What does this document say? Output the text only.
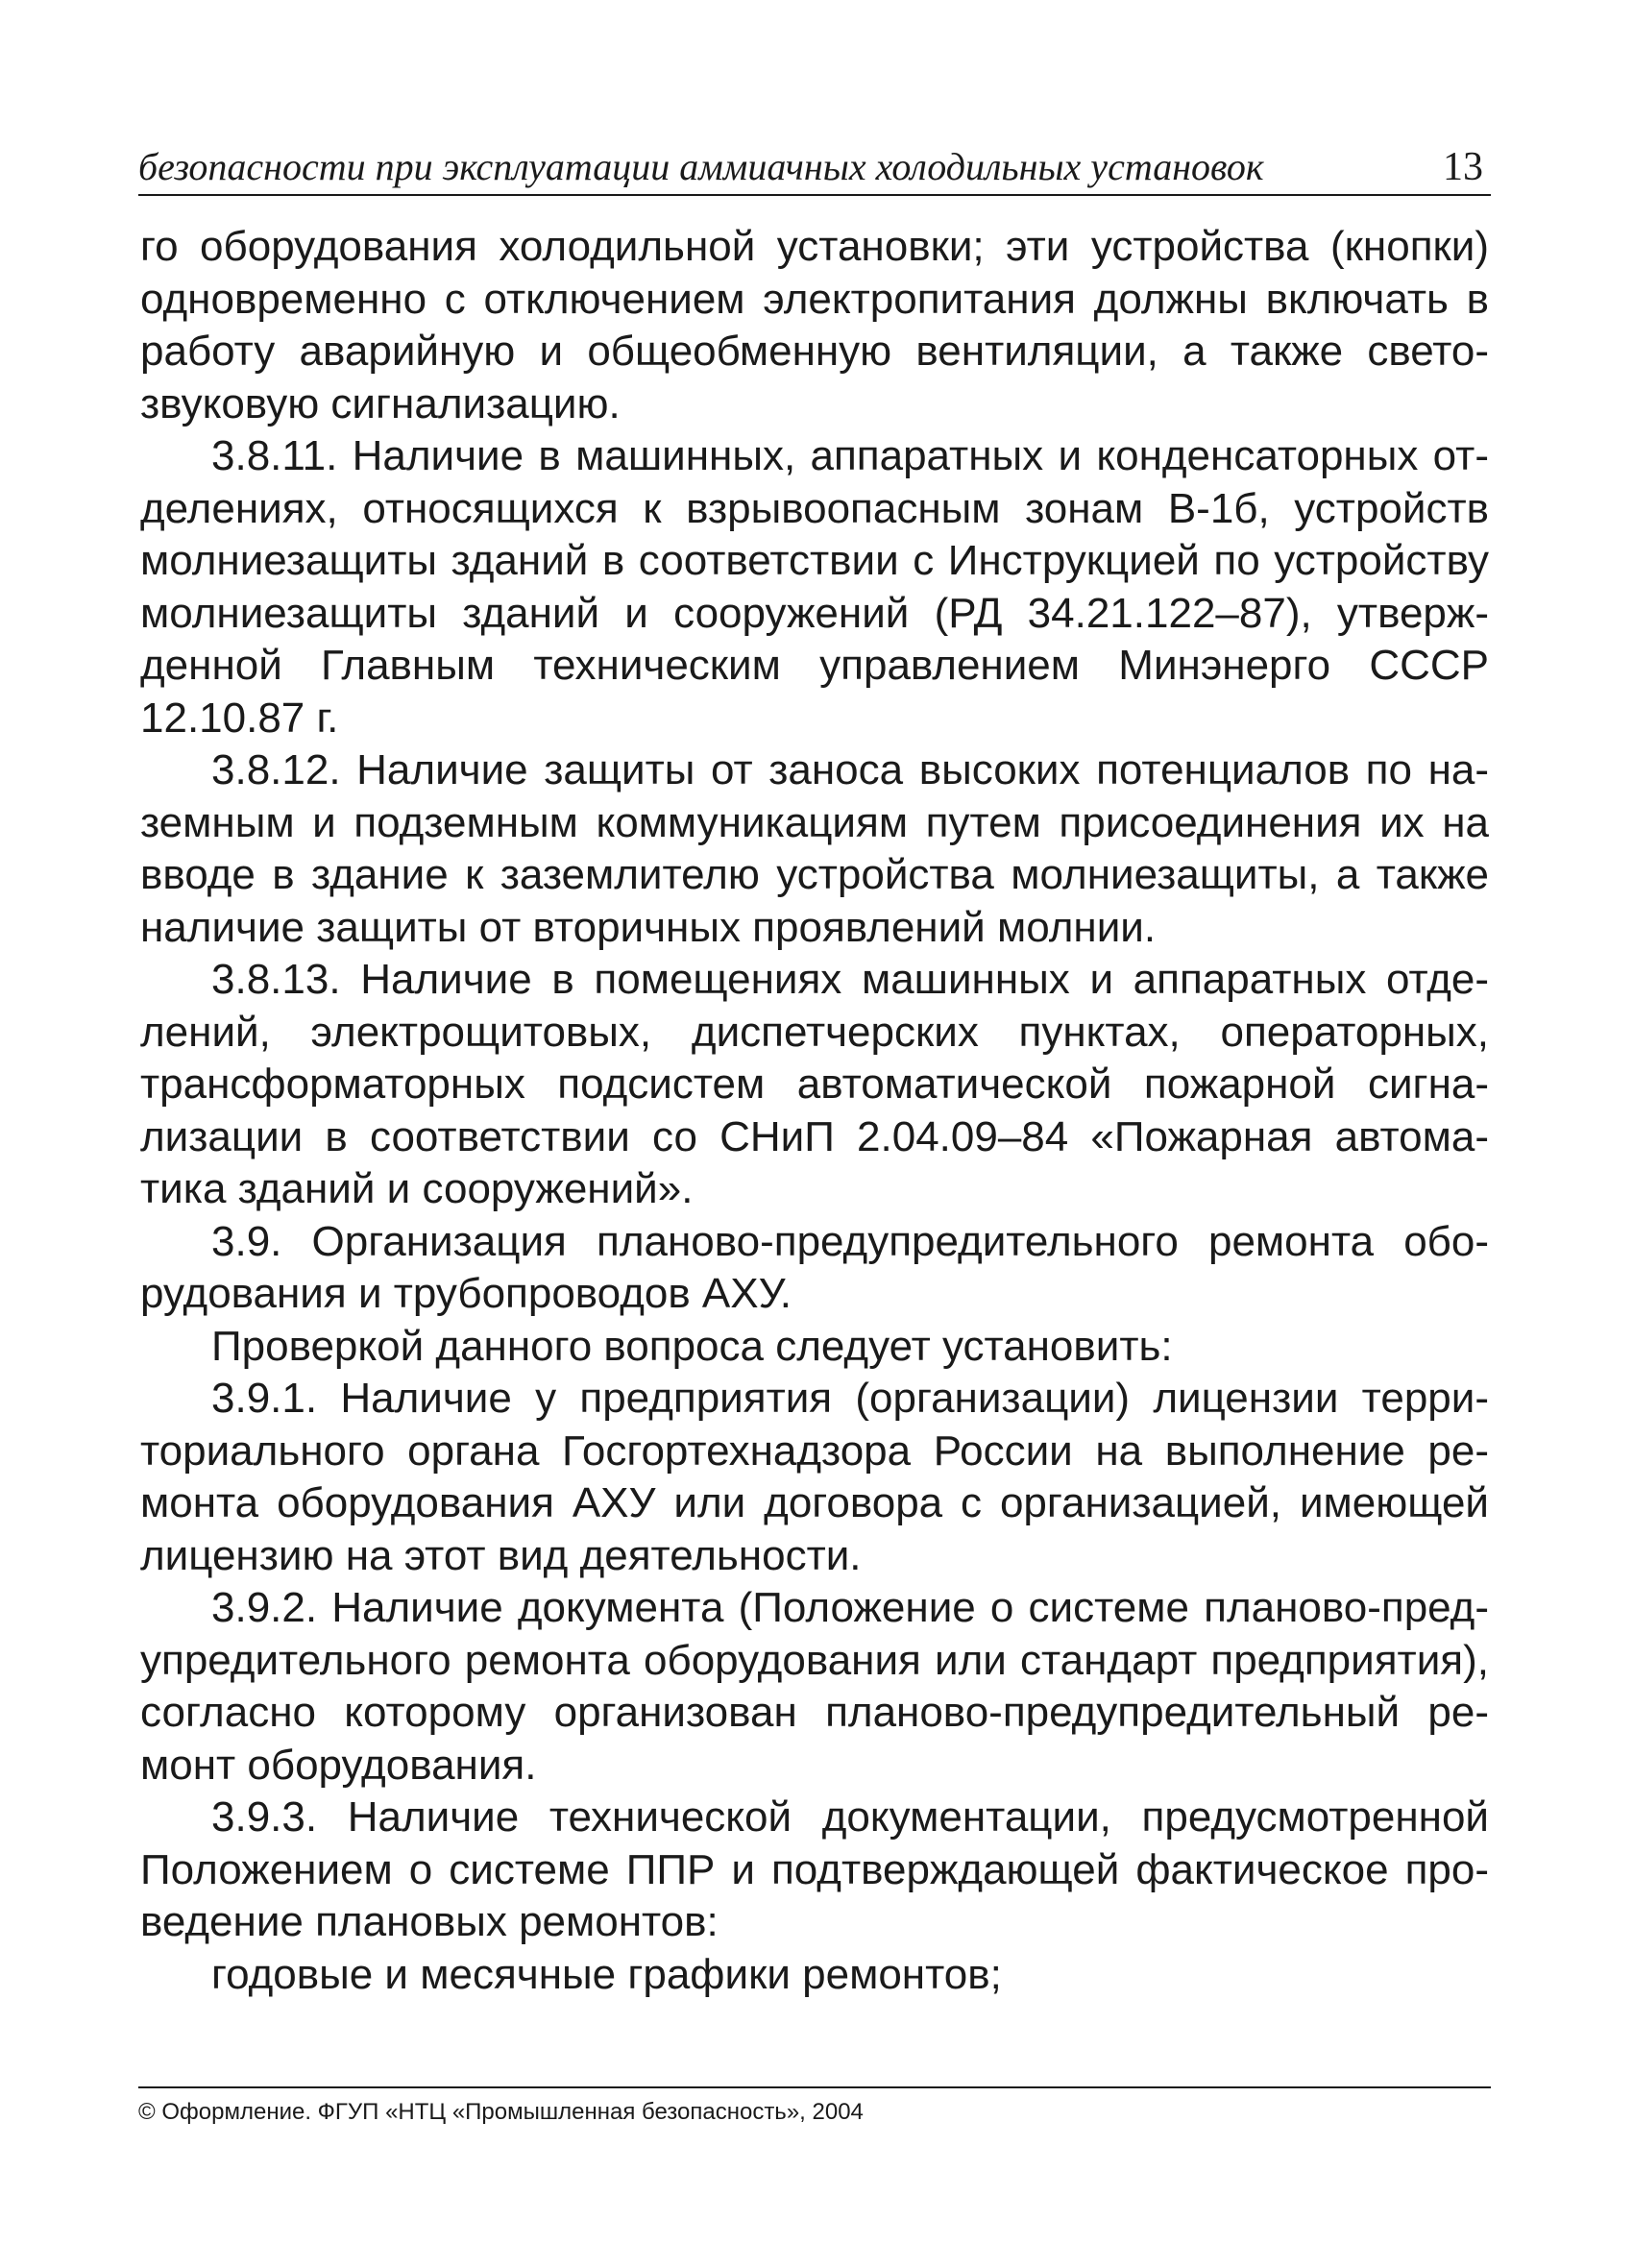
безопасности при эксплуатации аммиачных холодильных установок	13

го оборудования холодильной установки; эти устройства (кнопки) одновременно с отключением электропитания должны включать в работу аварийную и общеобменную вентиляции, а также свето-звуковую сигнализацию.

3.8.11. Наличие в машинных, аппаратных и конденсаторных от-делениях, относящихся к взрывоопасным зонам В-1б, устройств молниезащиты зданий в соответствии с Инструкцией по устройству молниезащиты зданий и сооружений (РД 34.21.122–87), утверж-денной Главным техническим управлением Минэнерго СССР 12.10.87 г.

3.8.12. Наличие защиты от заноса высоких потенциалов по на-земным и подземным коммуникациям путем присоединения их на вводе в здание к заземлителю устройства молниезащиты, а также наличие защиты от вторичных проявлений молнии.

3.8.13. Наличие в помещениях машинных и аппаратных отде-лений, электрощитовых, диспетчерских пунктах, операторных, трансформаторных подсистем автоматической пожарной сигна-лизации в соответствии со СНиП 2.04.09–84 «Пожарная автома-тика зданий и сооружений».

3.9. Организация планово-предупредительного ремонта обо-рудования и трубопроводов АХУ.

Проверкой данного вопроса следует установить:

3.9.1. Наличие у предприятия (организации) лицензии терри-ториального органа Госгортехнадзора России на выполнение ре-монта оборудования АХУ или договора с организацией, имеющей лицензию на этот вид деятельности.

3.9.2. Наличие документа (Положение о системе планово-пред-упредительного ремонта оборудования или стандарт предприятия), согласно которому организован планово-предупредительный ре-монт оборудования.

3.9.3. Наличие технической документации, предусмотренной Положением о системе ППР и подтверждающей фактическое про-ведение плановых ремонтов:

годовые и месячные графики ремонтов;

© Оформление. ФГУП «НТЦ «Промышленная безопасность», 2004
